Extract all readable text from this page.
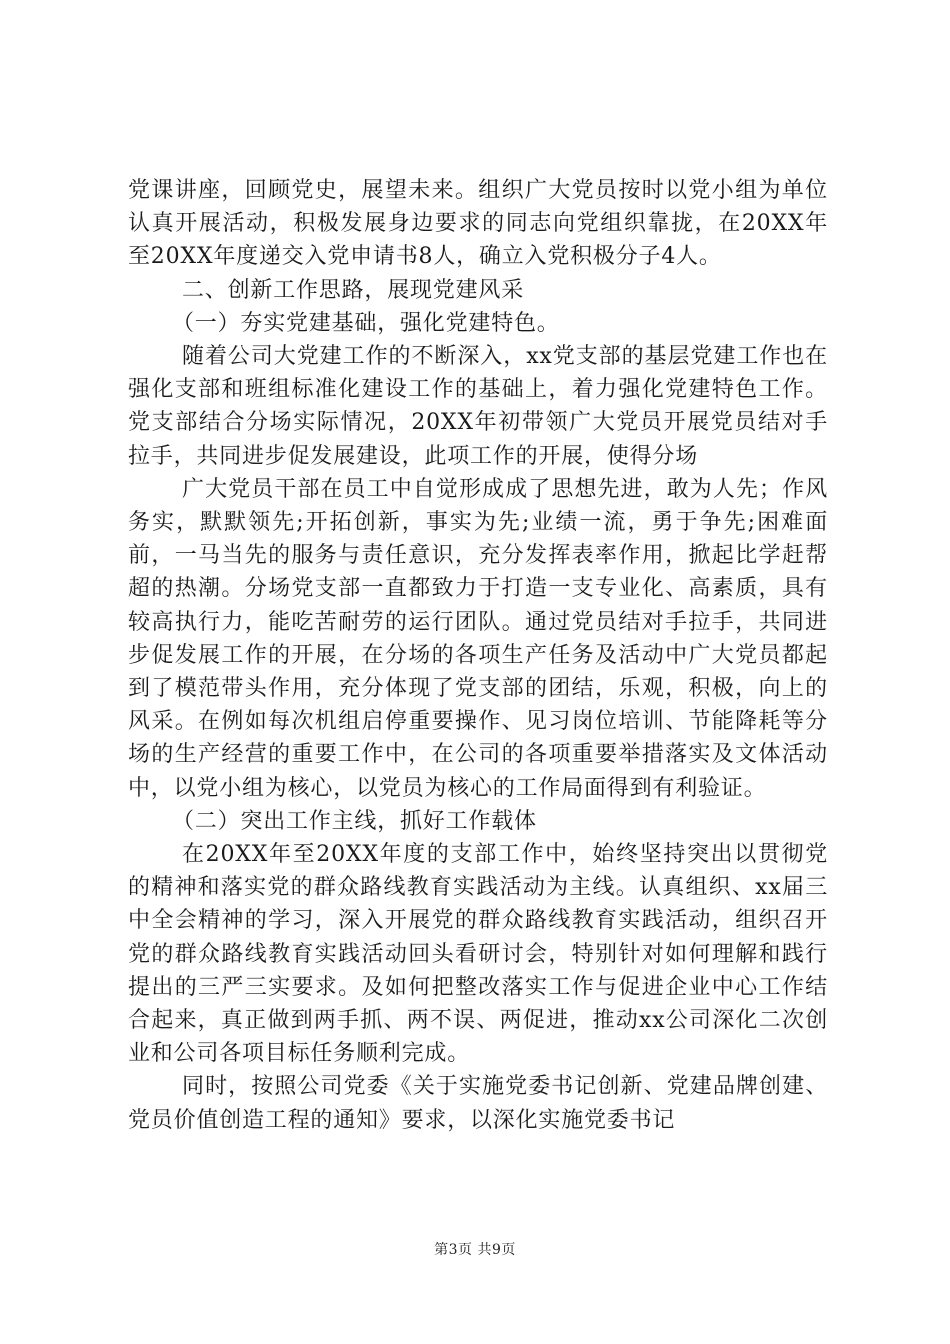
党课讲座，回顾党史，展望未来。组织广大党员按时以党小组为单位认真开展活动，积极发展身边要求的同志向党组织靠拢，在20XX年至20XX年度递交入党申请书8人，确立入党积极分子4人。

二、创新工作思路，展现党建风采

（一）夯实党建基础，强化党建特色。

随着公司大党建工作的不断深入，xx党支部的基层党建工作也在强化支部和班组标准化建设工作的基础上，着力强化党建特色工作。党支部结合分场实际情况，20XX年初带领广大党员开展党员结对手拉手，共同进步促发展建设，此项工作的开展，使得分场

广大党员干部在员工中自觉形成成了思想先进，敢为人先；作风务实，默默领先;开拓创新，事实为先;业绩一流，勇于争先;困难面前，一马当先的服务与责任意识，充分发挥表率作用，掀起比学赶帮超的热潮。分场党支部一直都致力于打造一支专业化、高素质，具有较高执行力，能吃苦耐劳的运行团队。通过党员结对手拉手，共同进步促发展工作的开展，在分场的各项生产任务及活动中广大党员都起到了模范带头作用，充分体现了党支部的团结，乐观，积极，向上的风采。在例如每次机组启停重要操作、见习岗位培训、节能降耗等分场的生产经营的重要工作中，在公司的各项重要举措落实及文体活动中，以党小组为核心，以党员为核心的工作局面得到有利验证。

（二）突出工作主线，抓好工作载体

在20XX年至20XX年度的支部工作中，始终坚持突出以贯彻党的精神和落实党的群众路线教育实践活动为主线。认真组织、xx届三中全会精神的学习，深入开展党的群众路线教育实践活动，组织召开党的群众路线教育实践活动回头看研讨会，特别针对如何理解和践行提出的三严三实要求。及如何把整改落实工作与促进企业中心工作结合起来，真正做到两手抓、两不误、两促进，推动xx公司深化二次创业和公司各项目标任务顺利完成。

同时，按照公司党委《关于实施党委书记创新、党建品牌创建、党员价值创造工程的通知》要求，以深化实施党委书记

第3页 共9页
